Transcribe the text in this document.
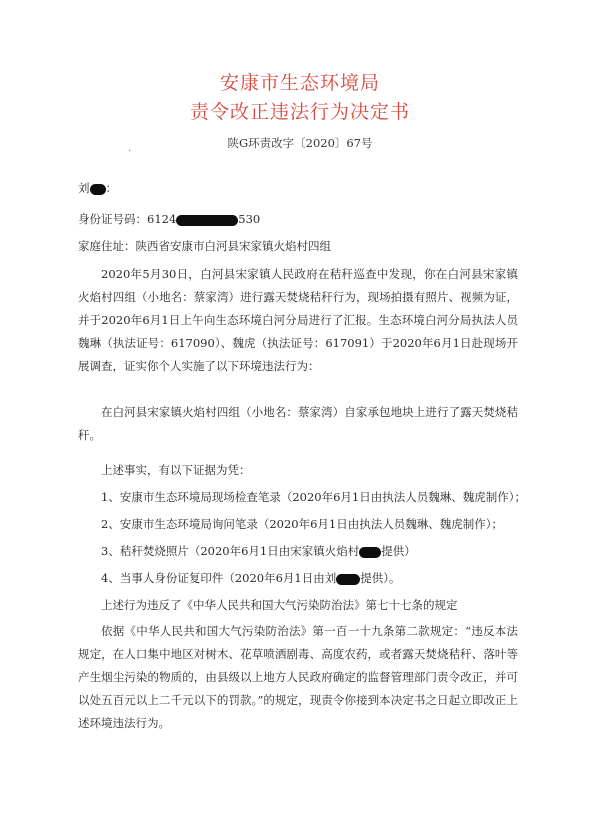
安康市生态环境局
责令改正违法行为决定书
陕G环责改字〔2020〕67号
·
刘 ：
身份证号码：6124	530
家庭住址：陕西省安康市白河县宋家镇火焰村四组
2020年5月30日，白河县宋家镇人民政府在秸秆巡查中发现，你在白河县宋家镇火焰村四组（小地名：蔡家湾）进行露天焚烧秸秆行为，现场拍摄有照片、视频为证，并于2020年6月1日上午向生态环境白河分局进行了汇报。生态环境白河分局执法人员魏琳（执法证号：617090）、魏虎（执法证号：617091）于2020年6月1日赴现场开展调查，证实你个人实施了以下环境违法行为：
在白河县宋家镇火焰村四组（小地名：蔡家湾）自家承包地块上进行了露天焚烧秸秆。
上述事实，有以下证据为凭：
1、安康市生态环境局现场检查笔录（2020年6月1日由执法人员魏琳、魏虎制作）；
2、安康市生态环境局询问笔录（2020年6月1日由执法人员魏琳、魏虎制作）；
3、秸秆焚烧照片（2020年6月1日由宋家镇火焰村 提供）
4、当事人身份证复印件（2020年6月1日由刘 提供）。
上述行为违反了《中华人民共和国大气污染防治法》第七十七条的规定
依据《中华人民共和国大气污染防治法》第一百一十九条第二款规定：“违反本法规定，在人口集中地区对树木、花草喷洒剧毒、高度农药，或者露天焚烧秸秆、落叶等产生烟尘污染的物质的，由县级以上地方人民政府确定的监督管理部门责令改正，并可以处五百元以上二千元以下的罚款。”的规定，现责令你接到本决定书之日起立即改正上述环境违法行为。
